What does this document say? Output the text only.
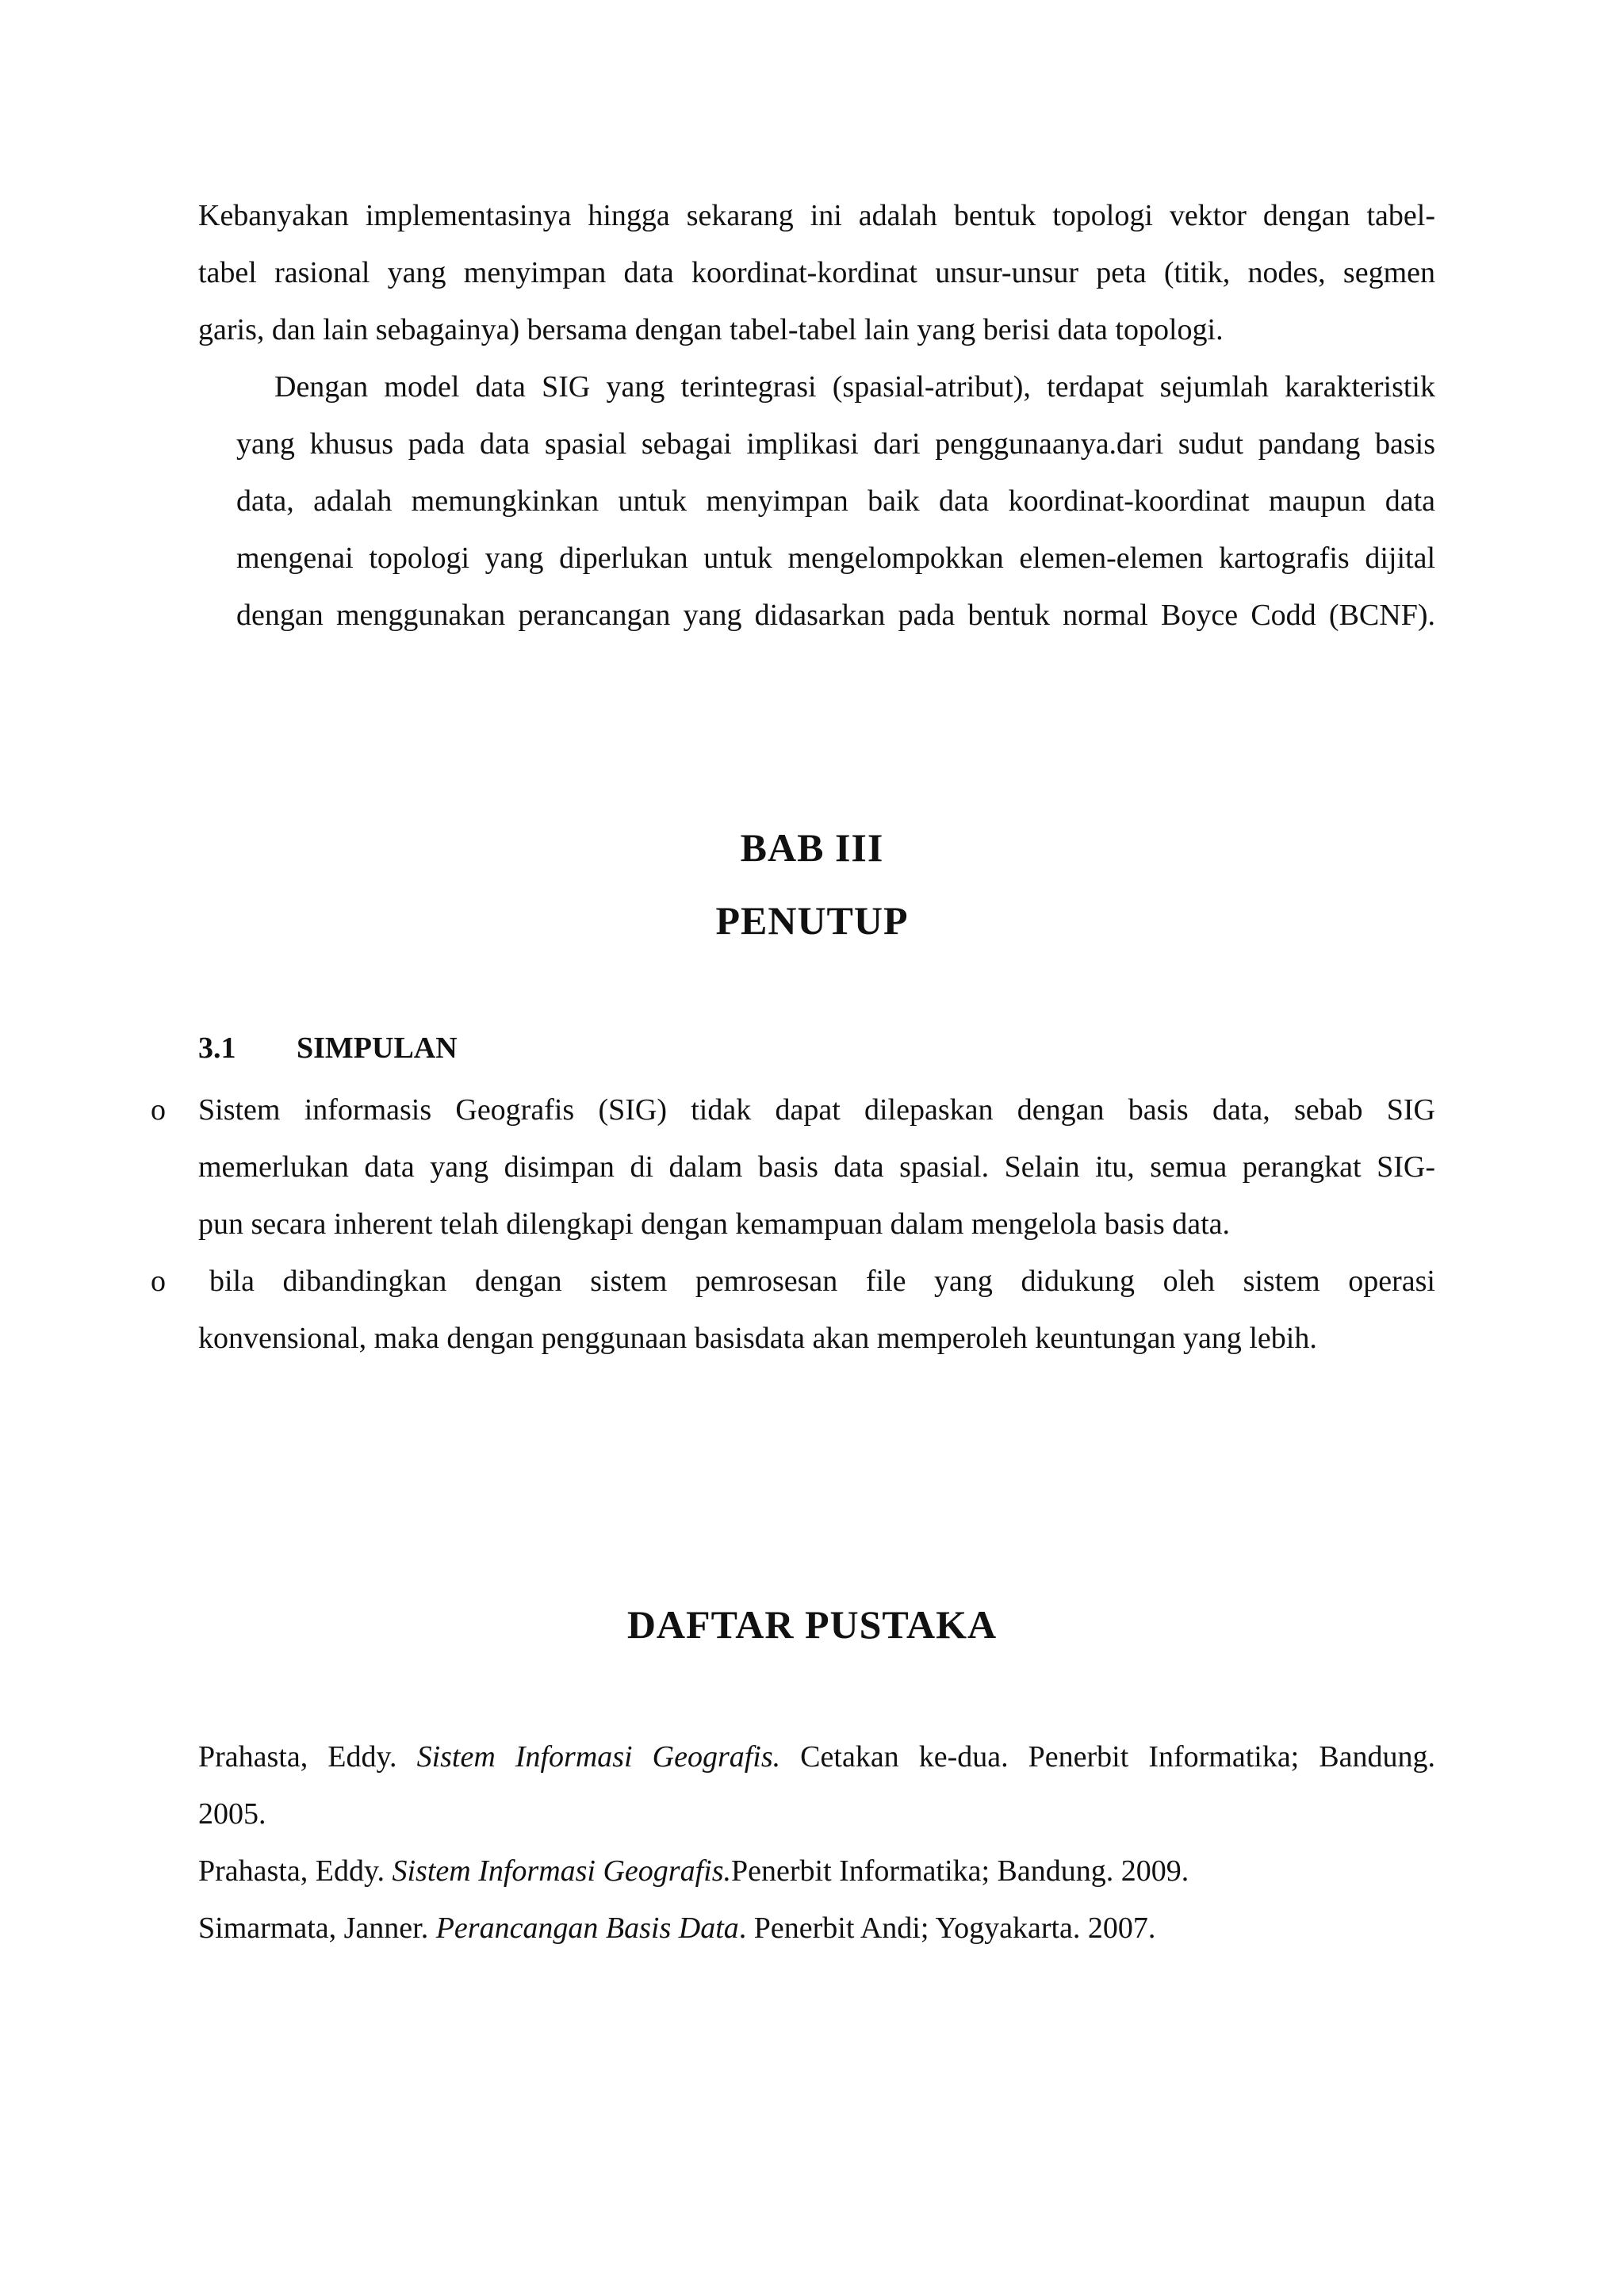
Kebanyakan implementasinya hingga sekarang ini adalah bentuk topologi vektor dengan tabel-
tabel rasional yang menyimpan data koordinat-kordinat unsur-unsur peta (titik, nodes, segmen
garis, dan lain sebagainya) bersama dengan tabel-tabel lain yang berisi data topologi.
Dengan model data SIG yang terintegrasi (spasial-atribut), terdapat sejumlah karakteristik
yang khusus pada data spasial sebagai implikasi dari penggunaanya.dari sudut pandang basis
data, adalah memungkinkan untuk menyimpan baik data koordinat-koordinat maupun data
mengenai topologi yang diperlukan untuk mengelompokkan elemen-elemen kartografis dijital
dengan menggunakan perancangan yang didasarkan pada bentuk normal Boyce Codd (BCNF).
BAB III
PENUTUP
3.1 SIMPULAN
o	Sistem informasis Geografis (SIG) tidak dapat dilepaskan dengan basis data, sebab SIG
memerlukan data yang disimpan di dalam basis data spasial. Selain itu, semua perangkat SIG-
pun secara inherent telah dilengkapi dengan kemampuan dalam mengelola basis data.
o	bila dibandingkan dengan sistem pemrosesan file yang didukung oleh sistem operasi
konvensional, maka dengan penggunaan basisdata akan memperoleh keuntungan yang lebih.
DAFTAR PUSTAKA
Prahasta, Eddy. Sistem Informasi Geografis. Cetakan ke-dua. Penerbit Informatika; Bandung.
2005.
Prahasta, Eddy. Sistem Informasi Geografis.Penerbit Informatika; Bandung. 2009.
Simarmata, Janner. Perancangan Basis Data. Penerbit Andi; Yogyakarta. 2007.
